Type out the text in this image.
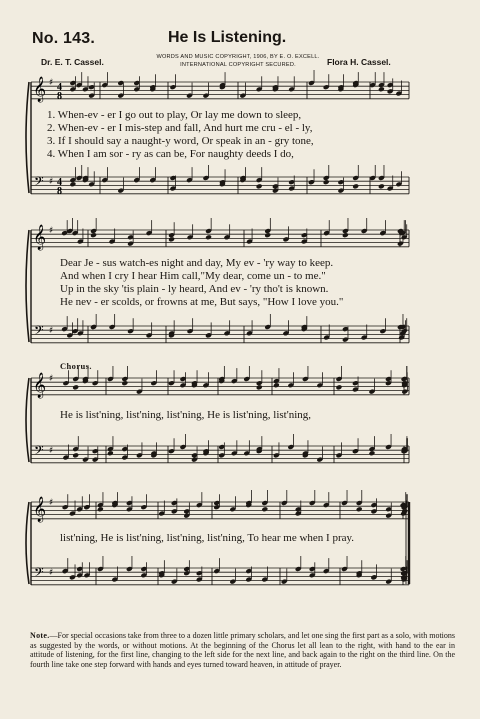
No. 143.	He Is Listening.
WORDS AND MUSIC COPYRIGHT, 1906, BY E. O. EXCELL.
INTERNATIONAL COPYRIGHT SECURED.
Dr. E. T. Cassel.	Flora H. Cassel.
𝄞 ♯
𝄢 ♯
4
8
4
8
𝄞 ♯
𝄢 ♯
𝄞 ♯
𝄢 ♯
𝄞 ♯
𝄢 ♯
1. When-ev - er I go out to play, Or lay me down to sleep,
2. When-ev - er I mis-step and fall, And hurt me cru - el - ly,
3. If I should say a naught-y word, Or speak in an - gry tone,
4. When I am sor - ry as can be, For naughty deeds I do,
Dear Je - sus watch-es night and day, My ev - 'ry way to keep.
And when I cry I hear Him call,"My dear, come un - to me."
Up in the sky 'tis plain - ly heard, And ev - 'ry tho't is known.
He nev - er scolds, or frowns at me, But says, "How I love you."
Chorus.
He is list'ning, list'ning, list'ning, He is list'ning, list'ning,
list'ning, He is list'ning, list'ning, list'ning, To hear me when I pray.
Note.—For special occasions take from three to a dozen little primary scholars, and let one sing the first part as a solo, with motions as suggested by the words, or without motions. At the beginning of the Chorus let all lean to the right, with hand to the ear in attitude of listening, for the first line, changing to the left side for the next line, and back again to the right on the third line. On the fourth line take one step forward with hands and eyes turned toward heaven, in attitude of prayer.
